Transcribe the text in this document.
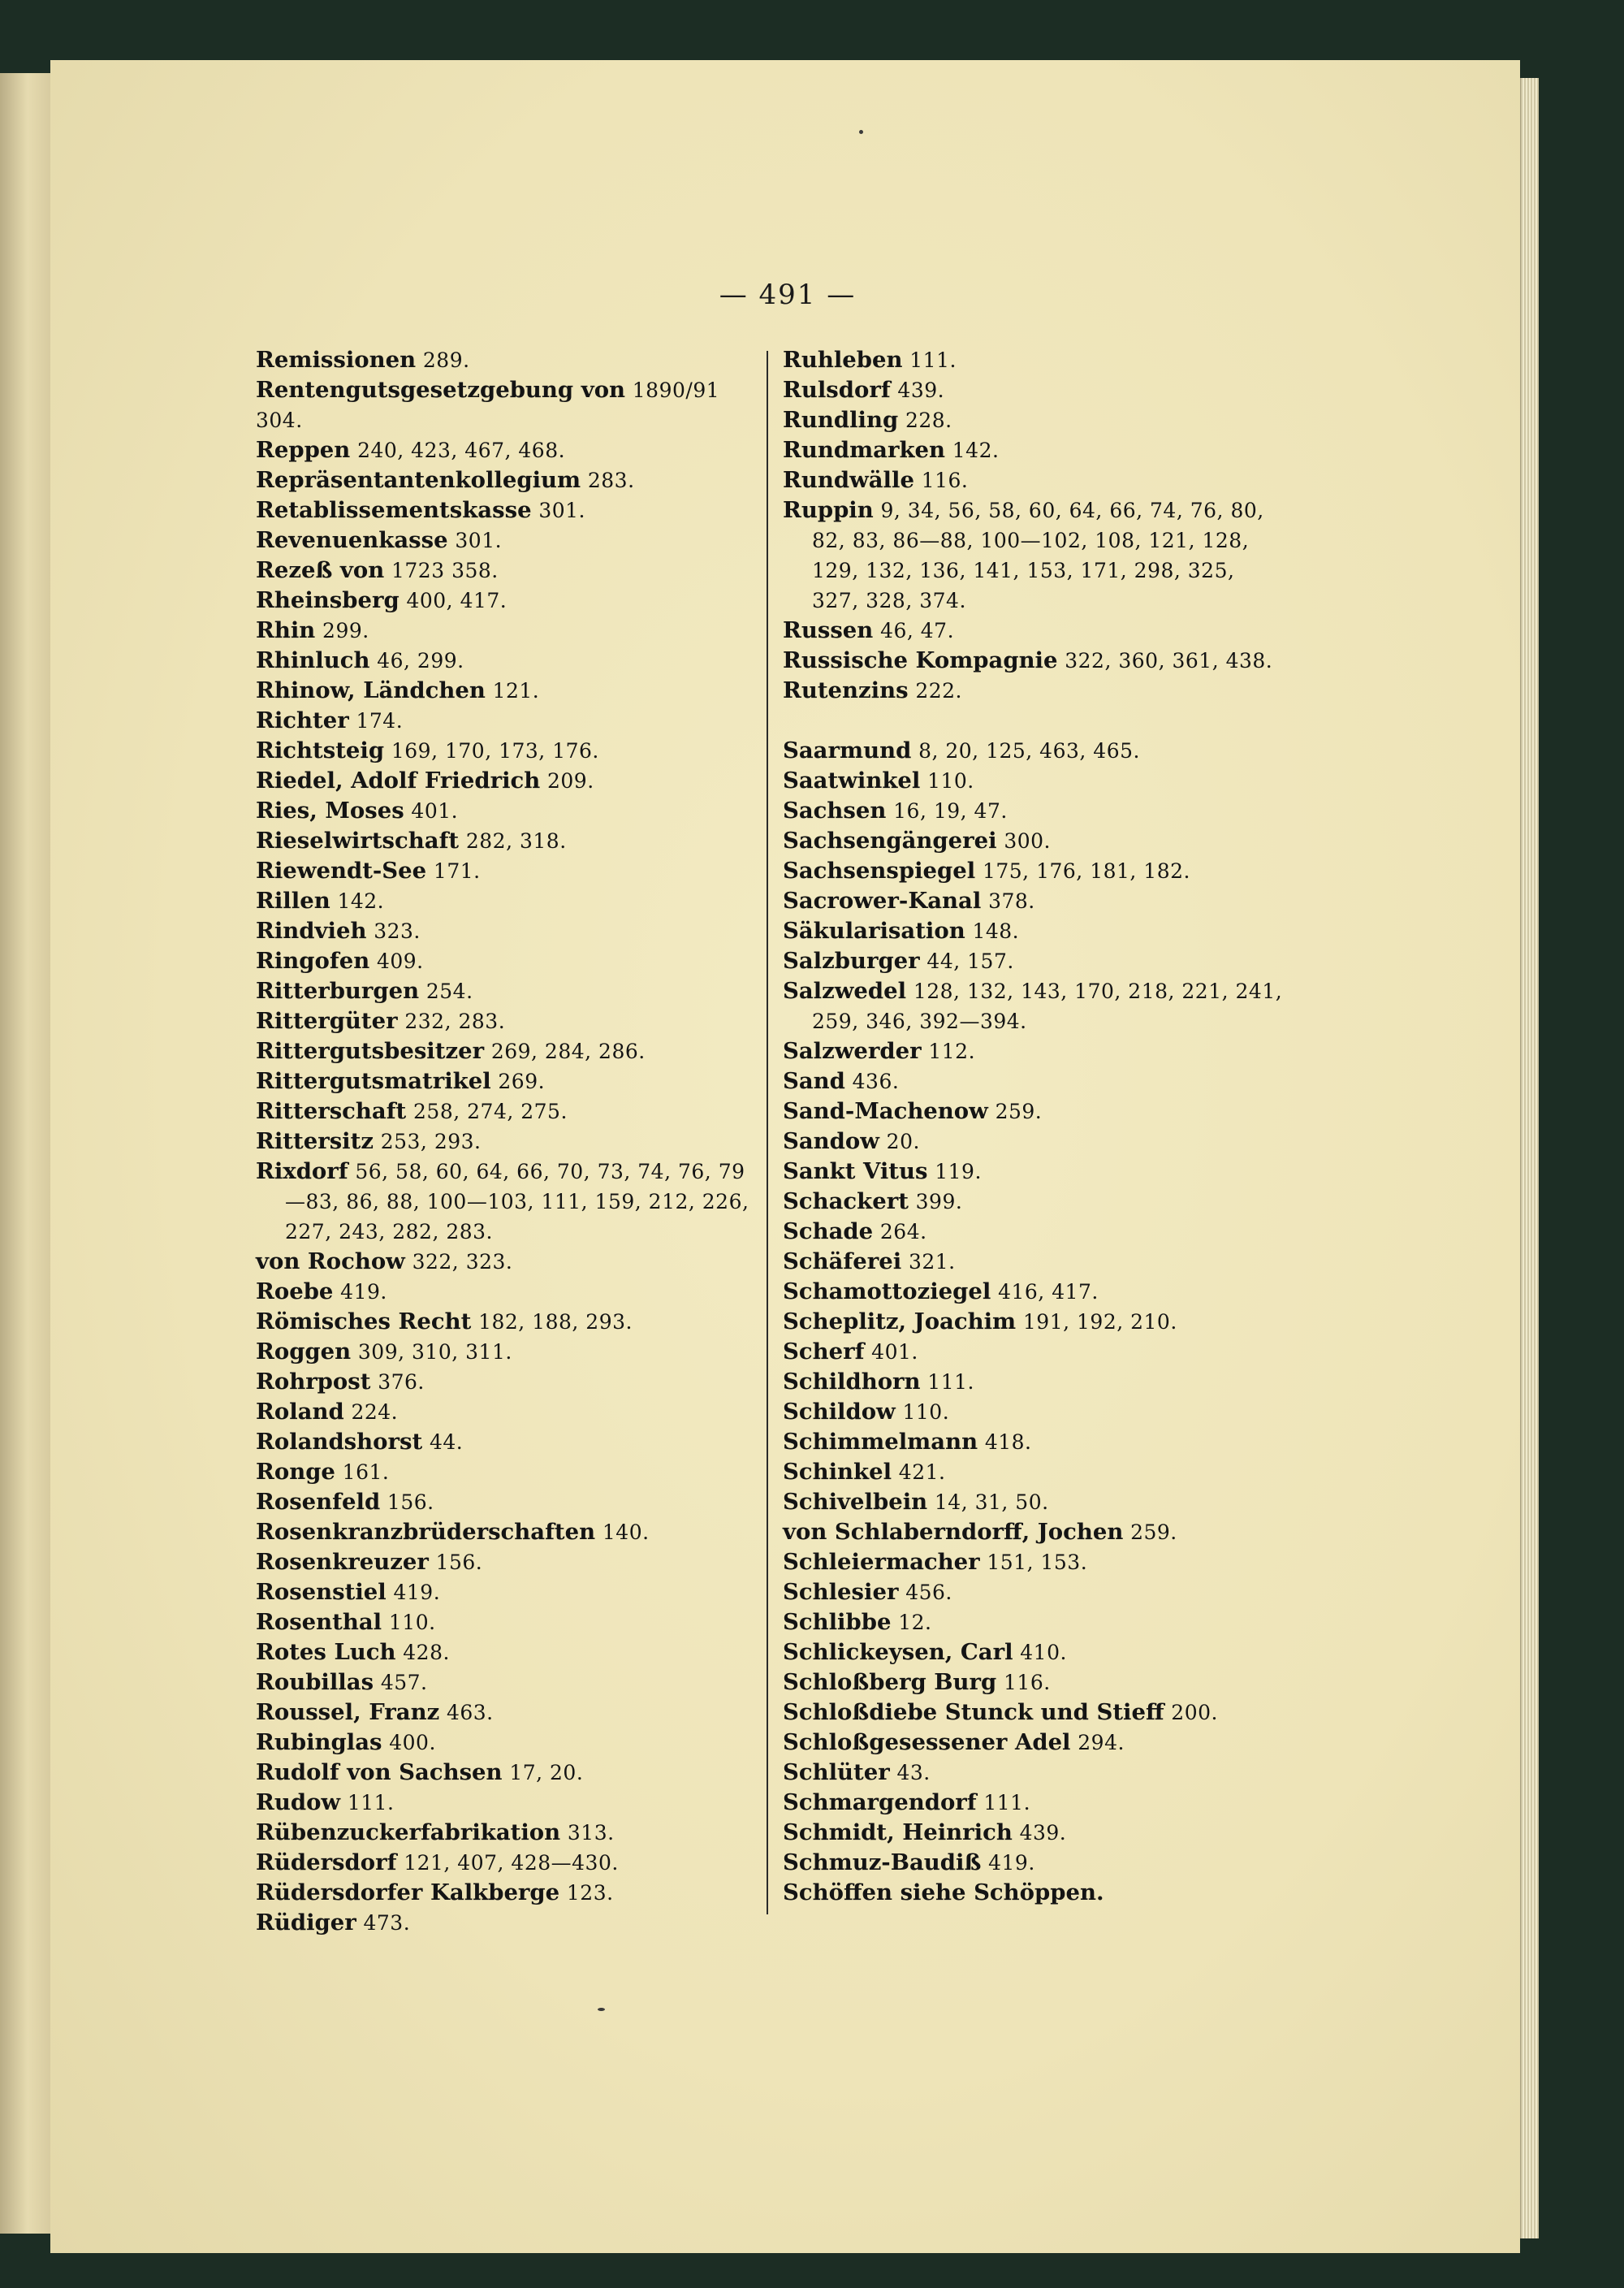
— 491 —

Remissionen 289.

Rentengutsgesetzgebung von 1890/91 304.

Reppen 240, 423, 467, 468.

Repräsentantenkollegium 283.

Retablissementskasse 301.

Revenuenkasse 301.

Rezeß von 1723 358.

Rheinsberg 400, 417.

Rhin 299.

Rhinluch 46, 299.

Rhinow, Ländchen 121.

Richter 174.

Richtsteig 169, 170, 173, 176.

Riedel, Adolf Friedrich 209.

Ries, Moses 401.

Rieselwirtschaft 282, 318.

Riewendt-See 171.

Rillen 142.

Rindvieh 323.

Ringofen 409.

Ritterburgen 254.

Rittergüter 232, 283.

Rittergutsbesitzer 269, 284, 286.

Rittergutsmatrikel 269.

Ritterschaft 258, 274, 275.

Rittersitz 253, 293.

Rixdorf 56, 58, 60, 64, 66, 70, 73, 74, 76, 79—83, 86, 88, 100—103, 111, 159, 212, 226, 227, 243, 282, 283.

von Rochow 322, 323.

Roebe 419.

Römisches Recht 182, 188, 293.

Roggen 309, 310, 311.

Rohrpost 376.

Roland 224.

Rolandshorst 44.

Ronge 161.

Rosenfeld 156.

Rosenkranzbrüderschaften 140.

Rosenkreuzer 156.

Rosenstiel 419.

Rosenthal 110.

Rotes Luch 428.

Roubillas 457.

Roussel, Franz 463.

Rubinglas 400.

Rudolf von Sachsen 17, 20.

Rudow 111.

Rübenzuckerfabrikation 313.

Rüdersdorf 121, 407, 428—430.

Rüdersdorfer Kalkberge 123.

Rüdiger 473.

Ruhleben 111.

Rulsdorf 439.

Rundling 228.

Rundmarken 142.

Rundwälle 116.

Ruppin 9, 34, 56, 58, 60, 64, 66, 74, 76, 80, 82, 83, 86—88, 100—102, 108, 121, 128, 129, 132, 136, 141, 153, 171, 298, 325, 327, 328, 374.

Russen 46, 47.

Russische Kompagnie 322, 360, 361, 438.

Rutenzins 222.

Saarmund 8, 20, 125, 463, 465.

Saatwinkel 110.

Sachsen 16, 19, 47.

Sachsengängerei 300.

Sachsenspiegel 175, 176, 181, 182.

Sacrower-Kanal 378.

Säkularisation 148.

Salzburger 44, 157.

Salzwedel 128, 132, 143, 170, 218, 221, 241, 259, 346, 392—394.

Salzwerder 112.

Sand 436.

Sand-Machenow 259.

Sandow 20.

Sankt Vitus 119.

Schackert 399.

Schade 264.

Schäferei 321.

Schamottoziegel 416, 417.

Scheplitz, Joachim 191, 192, 210.

Scherf 401.

Schildhorn 111.

Schildow 110.

Schimmelmann 418.

Schinkel 421.

Schivelbein 14, 31, 50.

von Schlaberndorff, Jochen 259.

Schleiermacher 151, 153.

Schlesier 456.

Schlibbe 12.

Schlickeysen, Carl 410.

Schloßberg Burg 116.

Schloßdiebe Stunck und Stieff 200.

Schloßgesessener Adel 294.

Schlüter 43.

Schmargendorf 111.

Schmidt, Heinrich 439.

Schmuz-Baudiß 419.

Schöffen siehe Schöppen.
